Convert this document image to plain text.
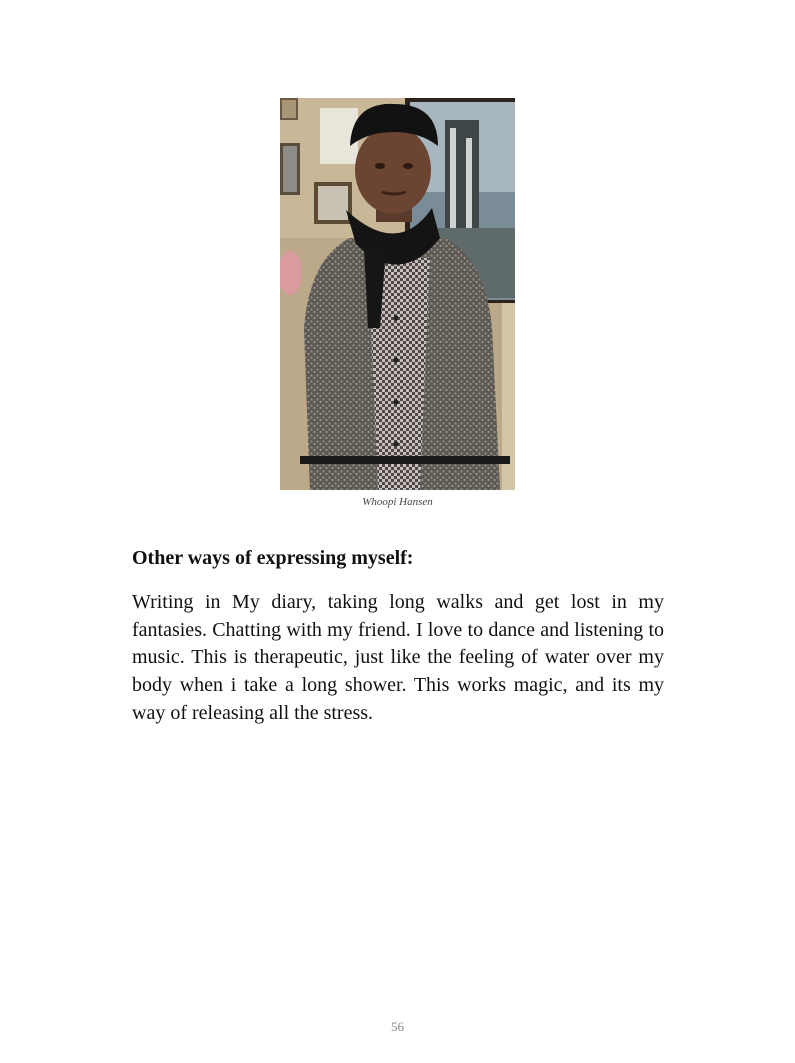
Whoopi Hansen
Other ways of expressing myself:

Writing in My diary, taking long walks and get lost in my fantasies. Chatting with my friend. I love to dance and listening to music. This is therapeutic, just like the feeling of water over my body when i take a long shower. This works magic, and its my way of releasing all the stress.

56
